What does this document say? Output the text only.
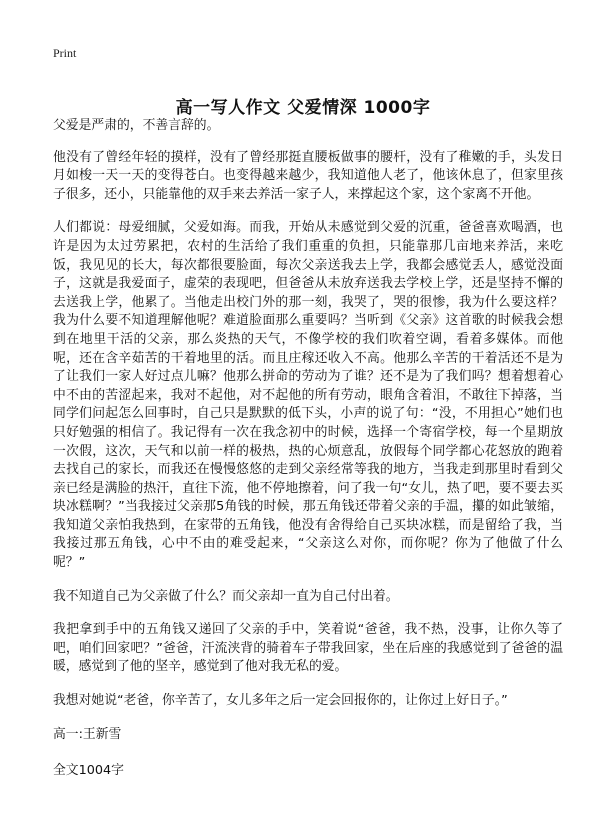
Print
高一写人作文 父爱情深 1000字

父爱是严肃的，不善言辞的。

他没有了曾经年轻的摸样，没有了曾经那挺直腰板做事的腰杆，没有了稚嫩的手，头发日月如梭一天一天的变得苍白。也变得越来越少，我知道他人老了，他该休息了，但家里孩子很多，还小，只能靠他的双手来去养活一家子人，来撑起这个家，这个家离不开他。

人们都说：母爱细腻，父爱如海。而我，开始从未感觉到父爱的沉重，爸爸喜欢喝酒，也许是因为太过劳累把，农村的生活给了我们重重的负担，只能靠那几亩地来养活，来吃饭，我见见的长大，每次都很要脸面，每次父亲送我去上学，我都会感觉丢人，感觉没面子，这就是我爱面子，虚荣的表现吧，但爸爸从未放弃送我去学校上学，还是坚持不懈的去送我上学，他累了。当他走出校门外的那一刻，我哭了，哭的很惨，我为什么要这样？我为什么要不知道理解他呢？难道脸面那么重要吗？当听到《父亲》这首歌的时候我会想到在地里干活的父亲，那么炎热的天气，不像学校的我们吹着空调，看着多媒体。而他呢，还在含辛茹苦的干着地里的活。而且庄稼还收入不高。他那么辛苦的干着活还不是为了让我们一家人好过点儿嘛？他那么拼命的劳动为了谁？还不是为了我们吗？想着想着心中不由的苦涩起来，我对不起他，对不起他的所有劳动，眼角含着泪，不敢往下掉落，当同学们问起怎么回事时，自己只是默默的低下头，小声的说了句：“没，不用担心”她们也只好勉强的相信了。我记得有一次在我念初中的时候，选择一个寄宿学校，每一个星期放一次假，这次，天气和以前一样的极热，热的心烦意乱，放假每个同学都心花怒放的跑着去找自己的家长，而我还在慢慢悠悠的走到父亲经常等我的地方，当我走到那里时看到父亲已经是满脸的热汗，直往下流，他不停地擦着，问了我一句“女儿，热了吧，要不要去买块冰糕啊？”当我接过父亲那5角钱的时候，那五角钱还带着父亲的手温，攥的如此皱缩，我知道父亲怕我热到，在家带的五角钱，他没有舍得给自己买块冰糕，而是留给了我，当我接过那五角钱，心中不由的难受起来，“父亲这么对你，而你呢？你为了他做了什么呢？”

我不知道自己为父亲做了什么？而父亲却一直为自己付出着。

我把拿到手中的五角钱又递回了父亲的手中，笑着说“爸爸，我不热，没事，让你久等了吧，咱们回家吧？”爸爸，汗流浃背的骑着车子带我回家，坐在后座的我感觉到了爸爸的温暖，感觉到了他的坚辛，感觉到了他对我无私的爱。

我想对她说“老爸，你辛苦了，女儿多年之后一定会回报你的，让你过上好日子。”

高一:王新雪
全文1004字
